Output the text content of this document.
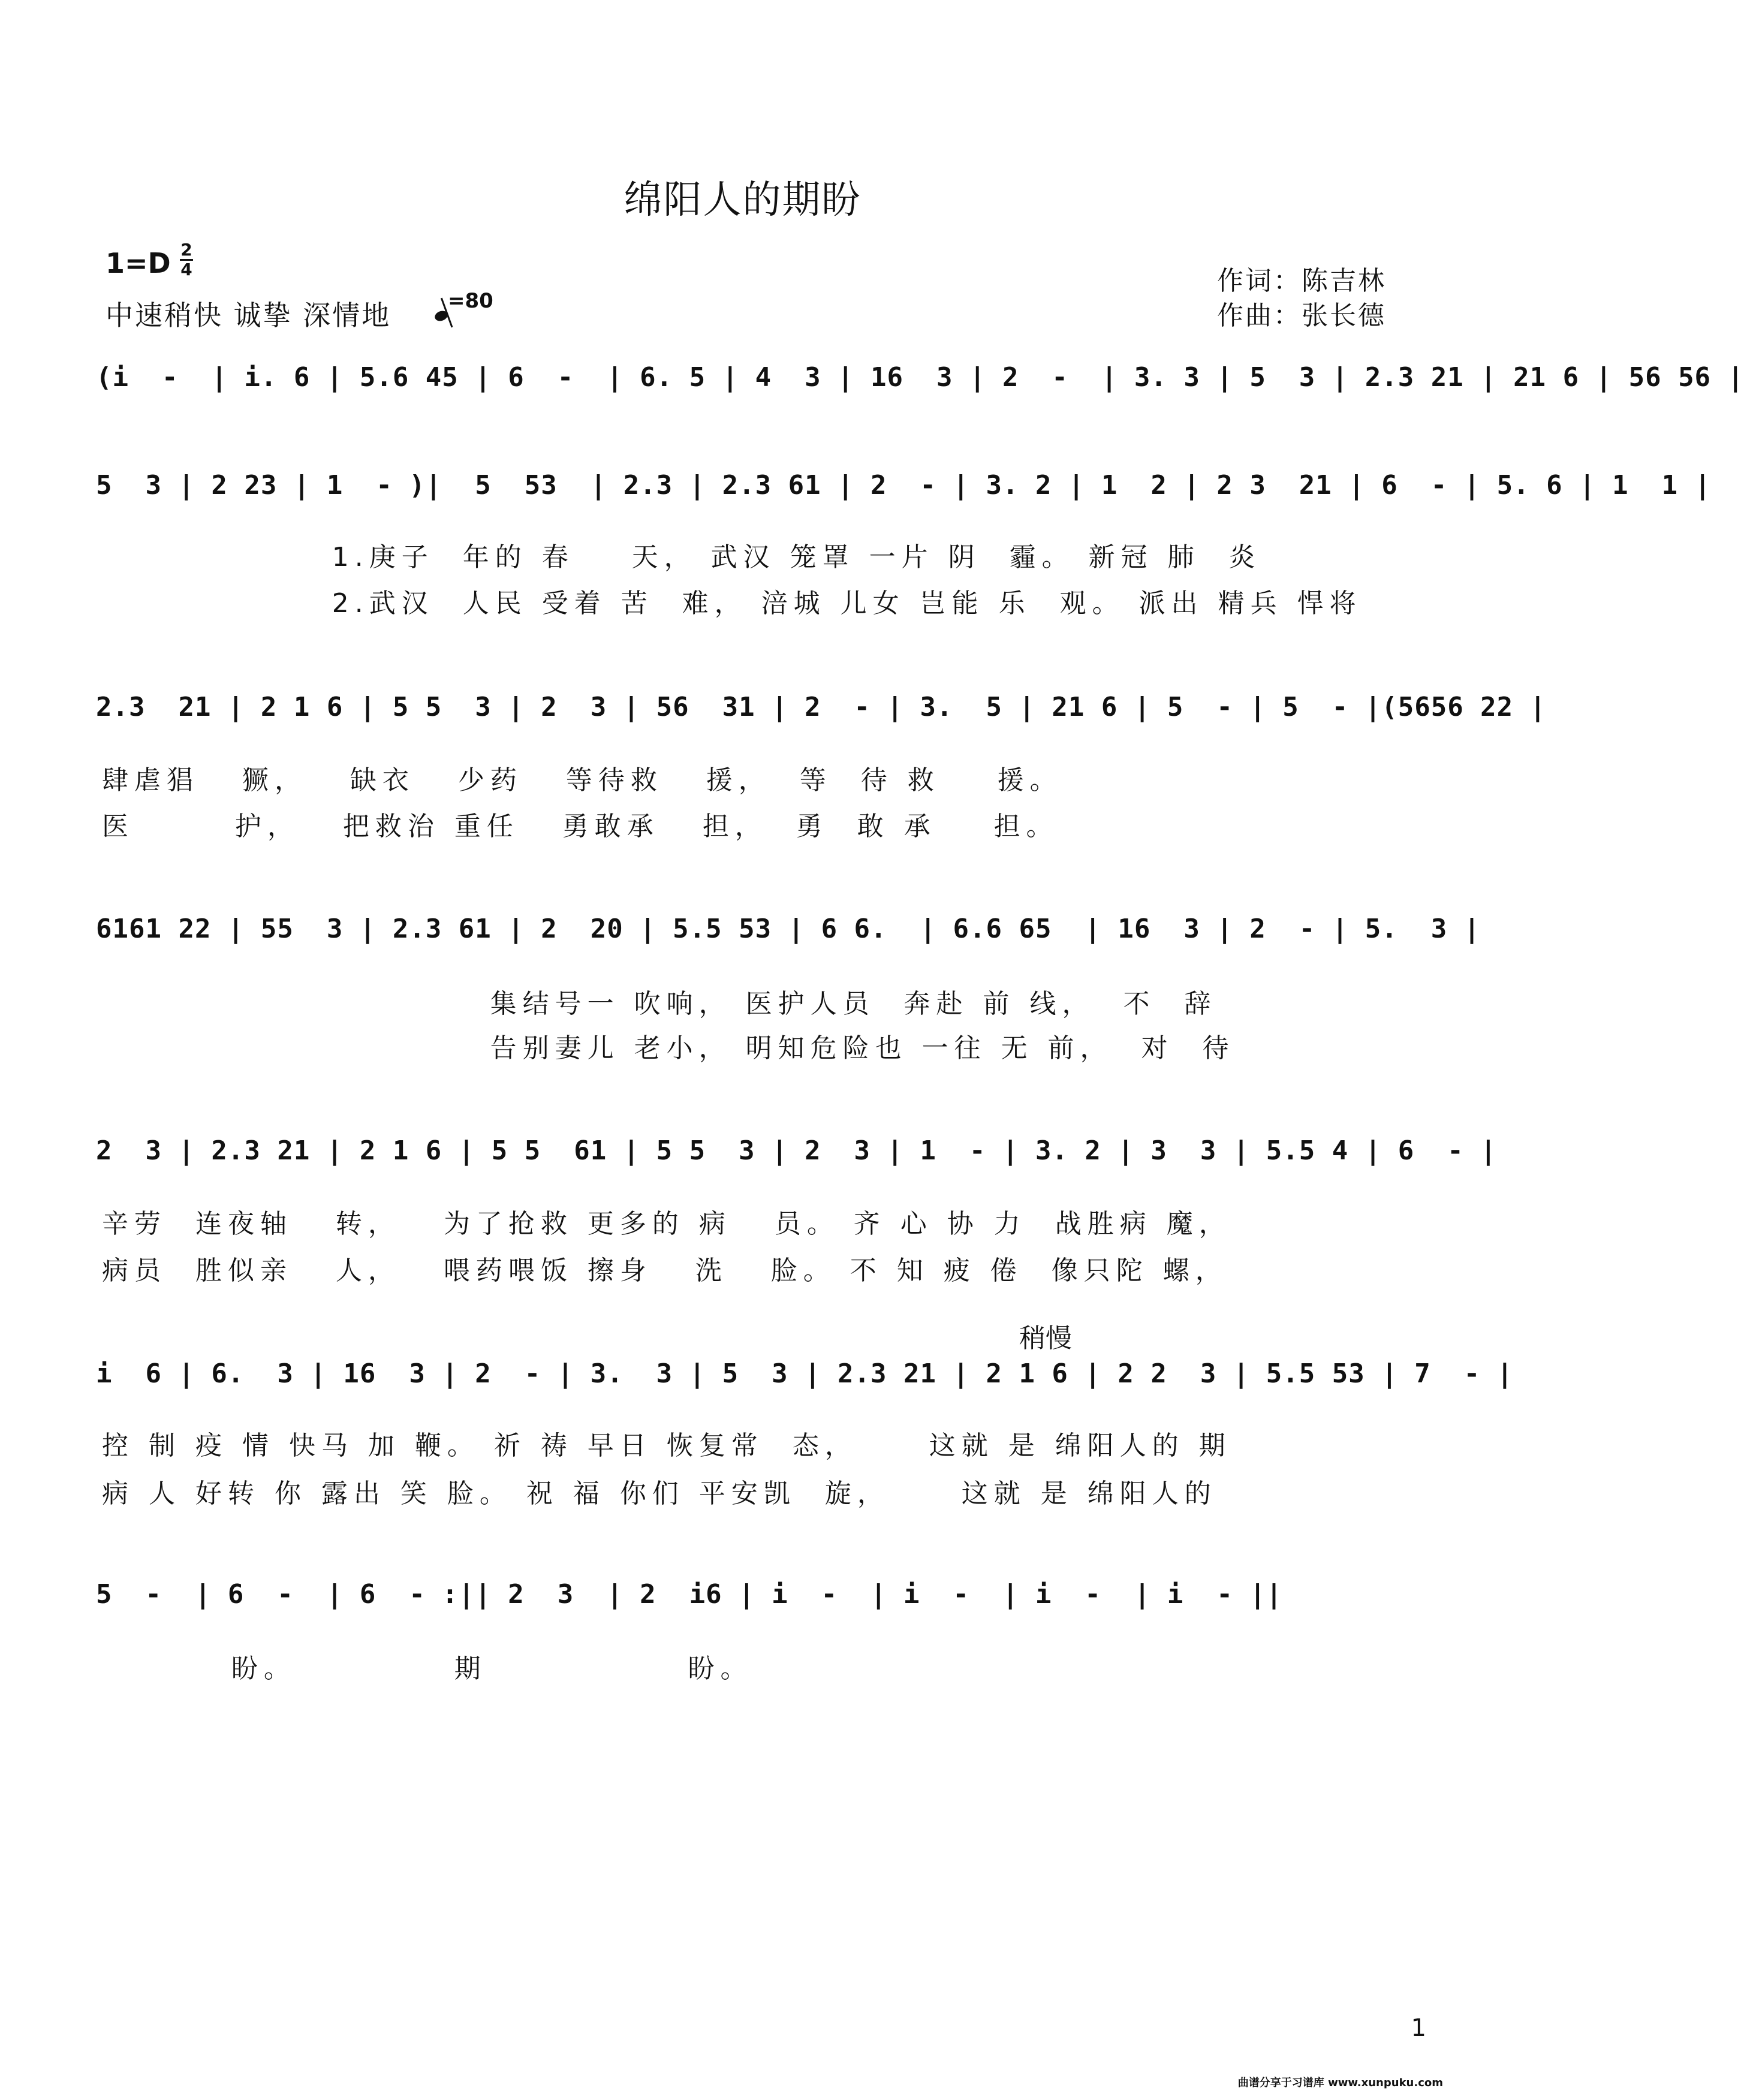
绵阳人的期盼
1=D 2
4
中速稍快 诚挚 深情地	=80
作词：陈吉林
作曲：张长德
(i  -  | i. 6 | 5.6 45 | 6  -  | 6. 5 | 4  3 | 16  3 | 2  -  | 3. 3 | 5  3 | 2.3 21 | 21 6 | 56 56 |
5  3 | 2 23 | 1  - )|  5  53  | 2.3 | 2.3 61 | 2  - | 3. 2 | 1  2 | 2 3  21 | 6  - | 5. 6 | 1  1 |
1.庚子  年的 春    天， 武汉 笼罩 一片 阴  霾。 新冠 肺  炎
2.武汉  人民 受着 苦  难， 涪城 儿女 岂能 乐  观。 派出 精兵 悍将
2.3  21 | 2 1 6 | 5 5  3 | 2  3 | 56  31 | 2  - | 3.  5 | 21 6 | 5  - | 5  - |(5656 22 |
肆虐猖   獗，   缺衣   少药   等待救   援，  等  待 救    援。
医       护，   把救治 重任   勇敢承   担，  勇  敢 承    担。
6161 22 | 55  3 | 2.3 61 | 2  20 | 5.5 53 | 6 6.  | 6.6 65  | 16  3 | 2  - | 5.  3 |
集结号一 吹响， 医护人员  奔赴 前 线，  不  辞
告别妻儿 老小， 明知危险也 一往 无 前，  对  待
2  3 | 2.3 21 | 2 1 6 | 5 5  61 | 5 5  3 | 2  3 | 1  - | 3. 2 | 3  3 | 5.5 4 | 6  - |
辛劳  连夜轴   转，   为了抢救 更多的 病   员。 齐 心 协 力  战胜病 魔，
病员  胜似亲   人，   喂药喂饭 擦身   洗   脸。 不 知 疲 倦  像只陀 螺，
稍慢
i  6 | 6.  3 | 16  3 | 2  - | 3.  3 | 5  3 | 2.3 21 | 2 1 6 | 2 2  3 | 5.5 53 | 7  - |
控 制 疫 情 快马 加 鞭。 祈 祷 早日 恢复常  态，     这就 是 绵阳人的 期
病 人 好转 你 露出 笑 脸。 祝 福 你们 平安凯  旋，     这就 是 绵阳人的
5  -  | 6  -  | 6  - :|| 2  3  | 2  i6 | i  -  | i  -  | i  -  | i  - ||
盼。           期              盼。
1
曲谱分享于习谱库 www.xunpuku.com
